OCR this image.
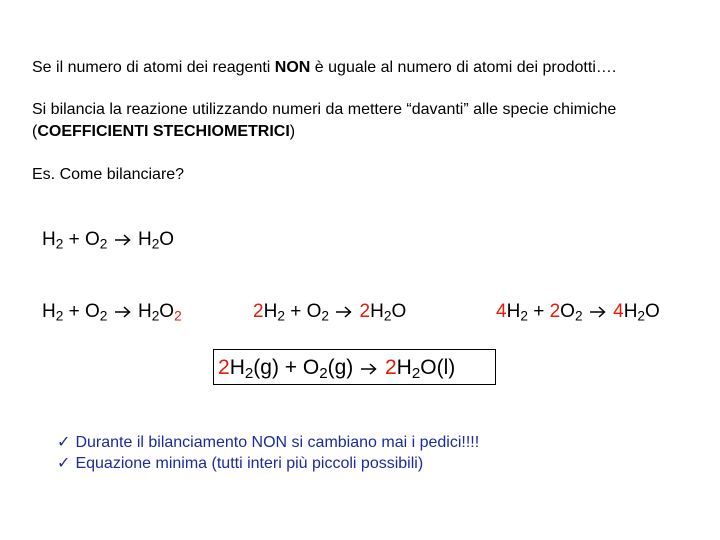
Se il numero di atomi dei reagenti NON è uguale al numero di atomi dei prodotti….
Si bilancia la reazione utilizzando numeri da mettere “davanti” alle specie chimiche
(COEFFICIENTI STECHIOMETRICI)
Es. Come bilanciare?
$H_2 + O_2$ $H_2O$
$H_2 + O_2$ $H_2O_2$	$2H_2 + O_2$ $2H_2O$	$4H_2 + 2O_2$ $4H_2O$
$2H_2(g) + O_2(g)$ $2H_2O(l)$
✓ Durante il bilanciamento NON si cambiano mai i pedici!!!!
✓ Equazione minima (tutti interi più piccoli possibili)
